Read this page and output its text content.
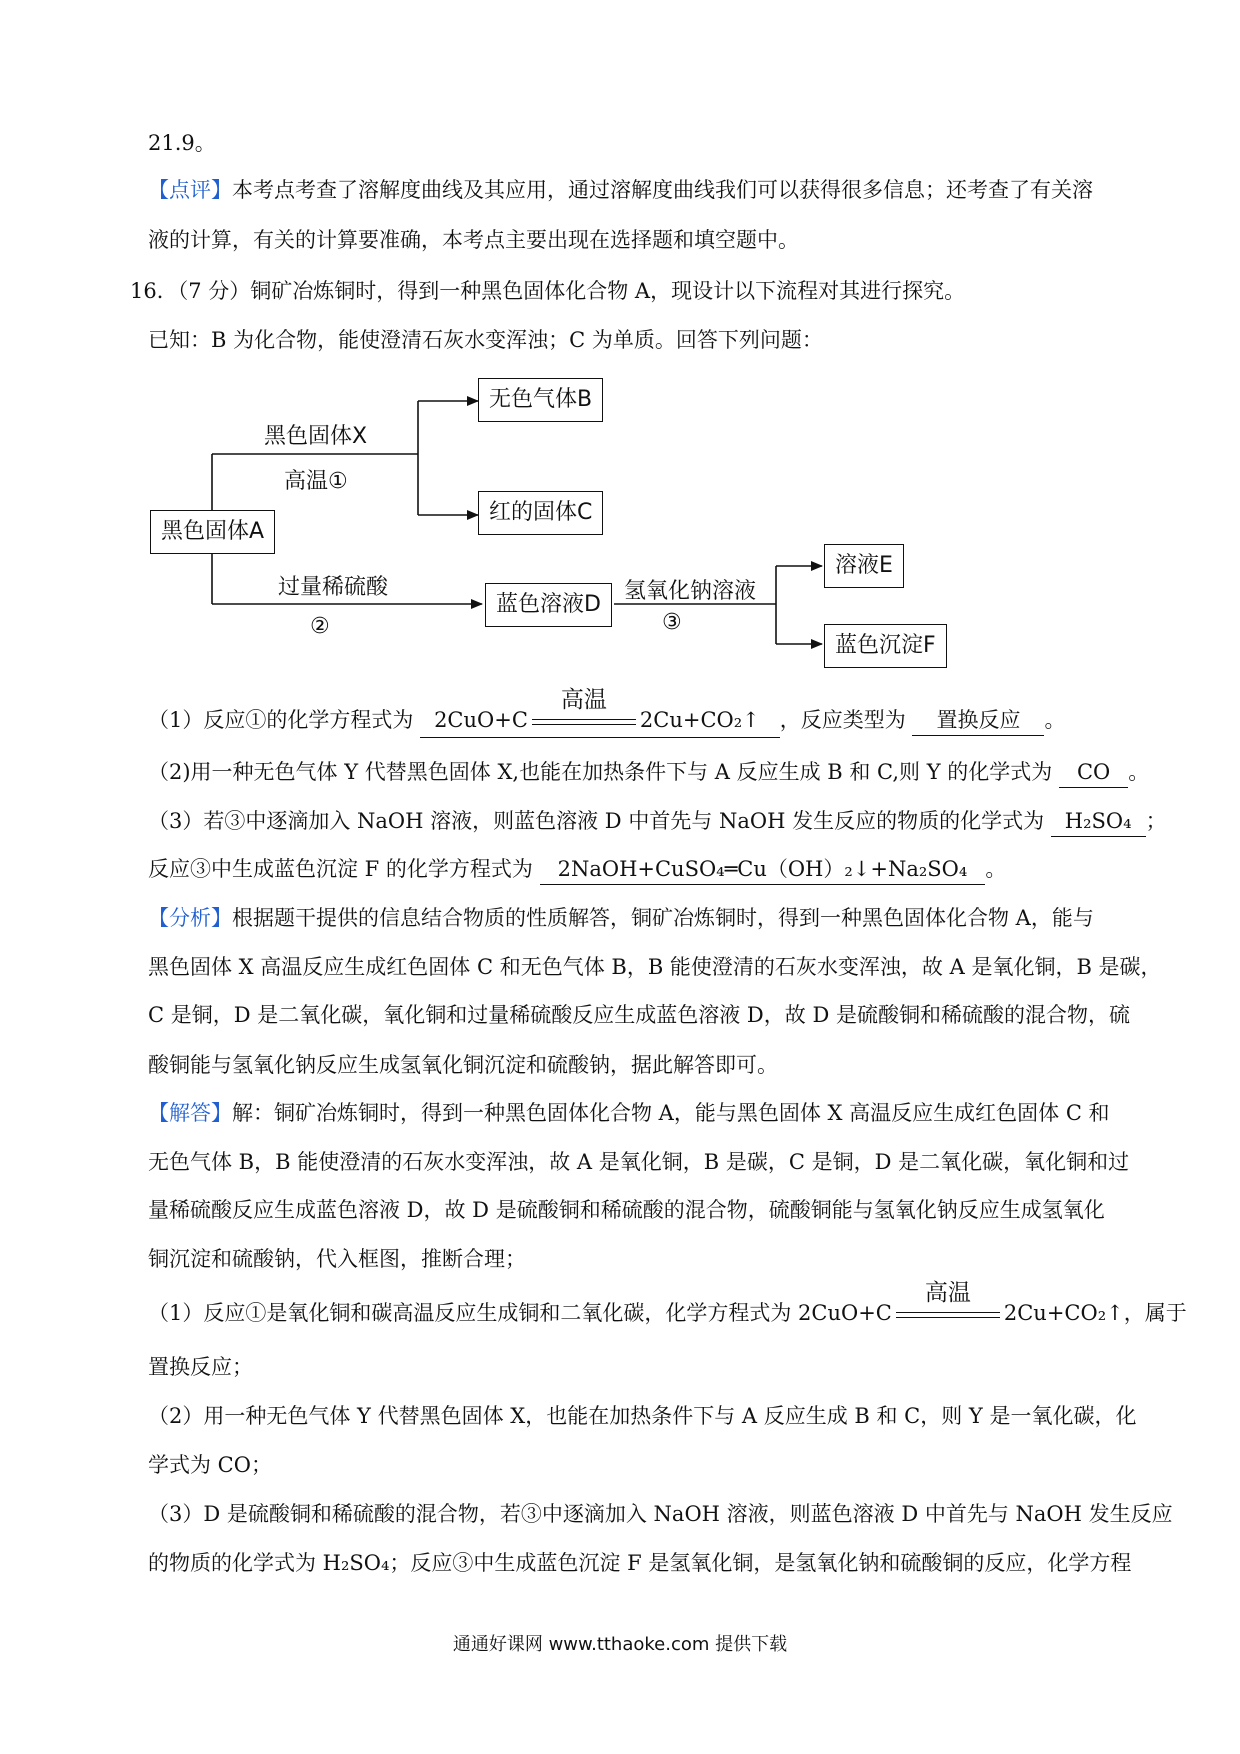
21.9。
【点评】本考点考查了溶解度曲线及其应用，通过溶解度曲线我们可以获得很多信息；还考查了有关溶
液的计算，有关的计算要准确，本考点主要出现在选择题和填空题中。
16．（7 分）铜矿冶炼铜时，得到一种黑色固体化合物 A，现设计以下流程对其进行探究。
已知：B 为化合物，能使澄清石灰水变浑浊；C 为单质。回答下列问题：
黑色固体A
无色气体B
红的固体C
蓝色溶液D
溶液E
蓝色沉淀F
黑色固体X
高温①
过量稀硫酸
②
氢氧化钠溶液
③
（1）反应①的化学方程式为 2CuO+C
高温
2Cu+CO₂↑ ，反应类型为 置换反应 。
（2)用一种无色气体 Y 代替黑色固体 X,也能在加热条件下与 A 反应生成 B 和 C,则 Y 的化学式为 CO 。
（3）若③中逐滴加入 NaOH 溶液，则蓝色溶液 D 中首先与 NaOH 发生反应的物质的化学式为 H₂SO₄ ；
反应③中生成蓝色沉淀 F 的化学方程式为 2NaOH+CuSO₄═Cu（OH）₂↓+Na₂SO₄ 。
【分析】根据题干提供的信息结合物质的性质解答，铜矿冶炼铜时，得到一种黑色固体化合物 A，能与
黑色固体 X 高温反应生成红色固体 C 和无色气体 B，B 能使澄清的石灰水变浑浊，故 A 是氧化铜，B 是碳，
C 是铜，D 是二氧化碳，氧化铜和过量稀硫酸反应生成蓝色溶液 D，故 D 是硫酸铜和稀硫酸的混合物，硫
酸铜能与氢氧化钠反应生成氢氧化铜沉淀和硫酸钠，据此解答即可。
【解答】解：铜矿冶炼铜时，得到一种黑色固体化合物 A，能与黑色固体 X 高温反应生成红色固体 C 和
无色气体 B，B 能使澄清的石灰水变浑浊，故 A 是氧化铜，B 是碳，C 是铜，D 是二氧化碳，氧化铜和过
量稀硫酸反应生成蓝色溶液 D，故 D 是硫酸铜和稀硫酸的混合物，硫酸铜能与氢氧化钠反应生成氢氧化
铜沉淀和硫酸钠，代入框图，推断合理；
（1）反应①是氧化铜和碳高温反应生成铜和二氧化碳，化学方程式为 2CuO+C
高温
2Cu+CO₂↑，属于
置换反应；
（2）用一种无色气体 Y 代替黑色固体 X，也能在加热条件下与 A 反应生成 B 和 C，则 Y 是一氧化碳，化
学式为 CO；
（3）D 是硫酸铜和稀硫酸的混合物，若③中逐滴加入 NaOH 溶液，则蓝色溶液 D 中首先与 NaOH 发生反应
的物质的化学式为 H₂SO₄；反应③中生成蓝色沉淀 F 是氢氧化铜，是氢氧化钠和硫酸铜的反应，化学方程
通通好课网 www.tthaoke.com 提供下载
